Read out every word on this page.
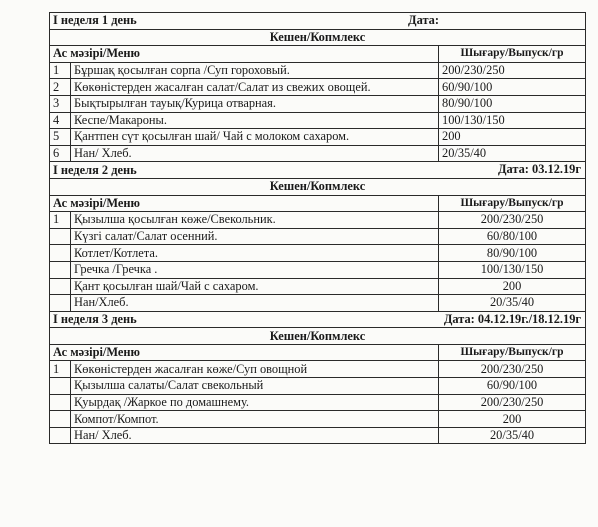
I неделя 1 день		Дата:

Кешен/Копмлекс		
Ас мәзірі/Меню		Шығару/Выпуск/гр
1	Бұршақ қосылған сорпа /Суп гороховый.	200/230/250
2	Көкөністерден жасалған салат/Салат из свежих овощей.	60/90/100
3	Бықтырылған тауық/Курица отварная.	80/90/100
4	Кеспе/Макароны.	100/130/150
5	Қантпен сүт қосылған шай/ Чай с молоком сахаром.	200
6	Нан/ Хлеб.	20/35/40
I неделя 2 день		Дата: 03.12.19г

Кешен/Копмлекс		
Ас мәзірі/Меню		Шығару/Выпуск/гр
1	Қызылша қосылған көже/Свекольник.	200/230/250
	Күзгі салат/Салат осенний.	60/80/100
	Котлет/Котлета.	80/90/100
	Гречка /Гречка .	100/130/150
	Қант қосылған шай/Чай с сахаром.	200
	Нан/Хлеб.	20/35/40
I неделя 3 день		Дата: 04.12.19г./18.12.19г

Кешен/Копмлекс		
Ас мәзірі/Меню		Шығару/Выпуск/гр
1	Көкөністерден жасалған көже/Суп овощной	200/230/250
	Қызылша салаты/Салат свекольный	60/90/100
	Қуырдақ /Жаркое по домашнему.	200/230/250
	Компот/Компот.	200
	Нан/ Хлеб.	20/35/40
